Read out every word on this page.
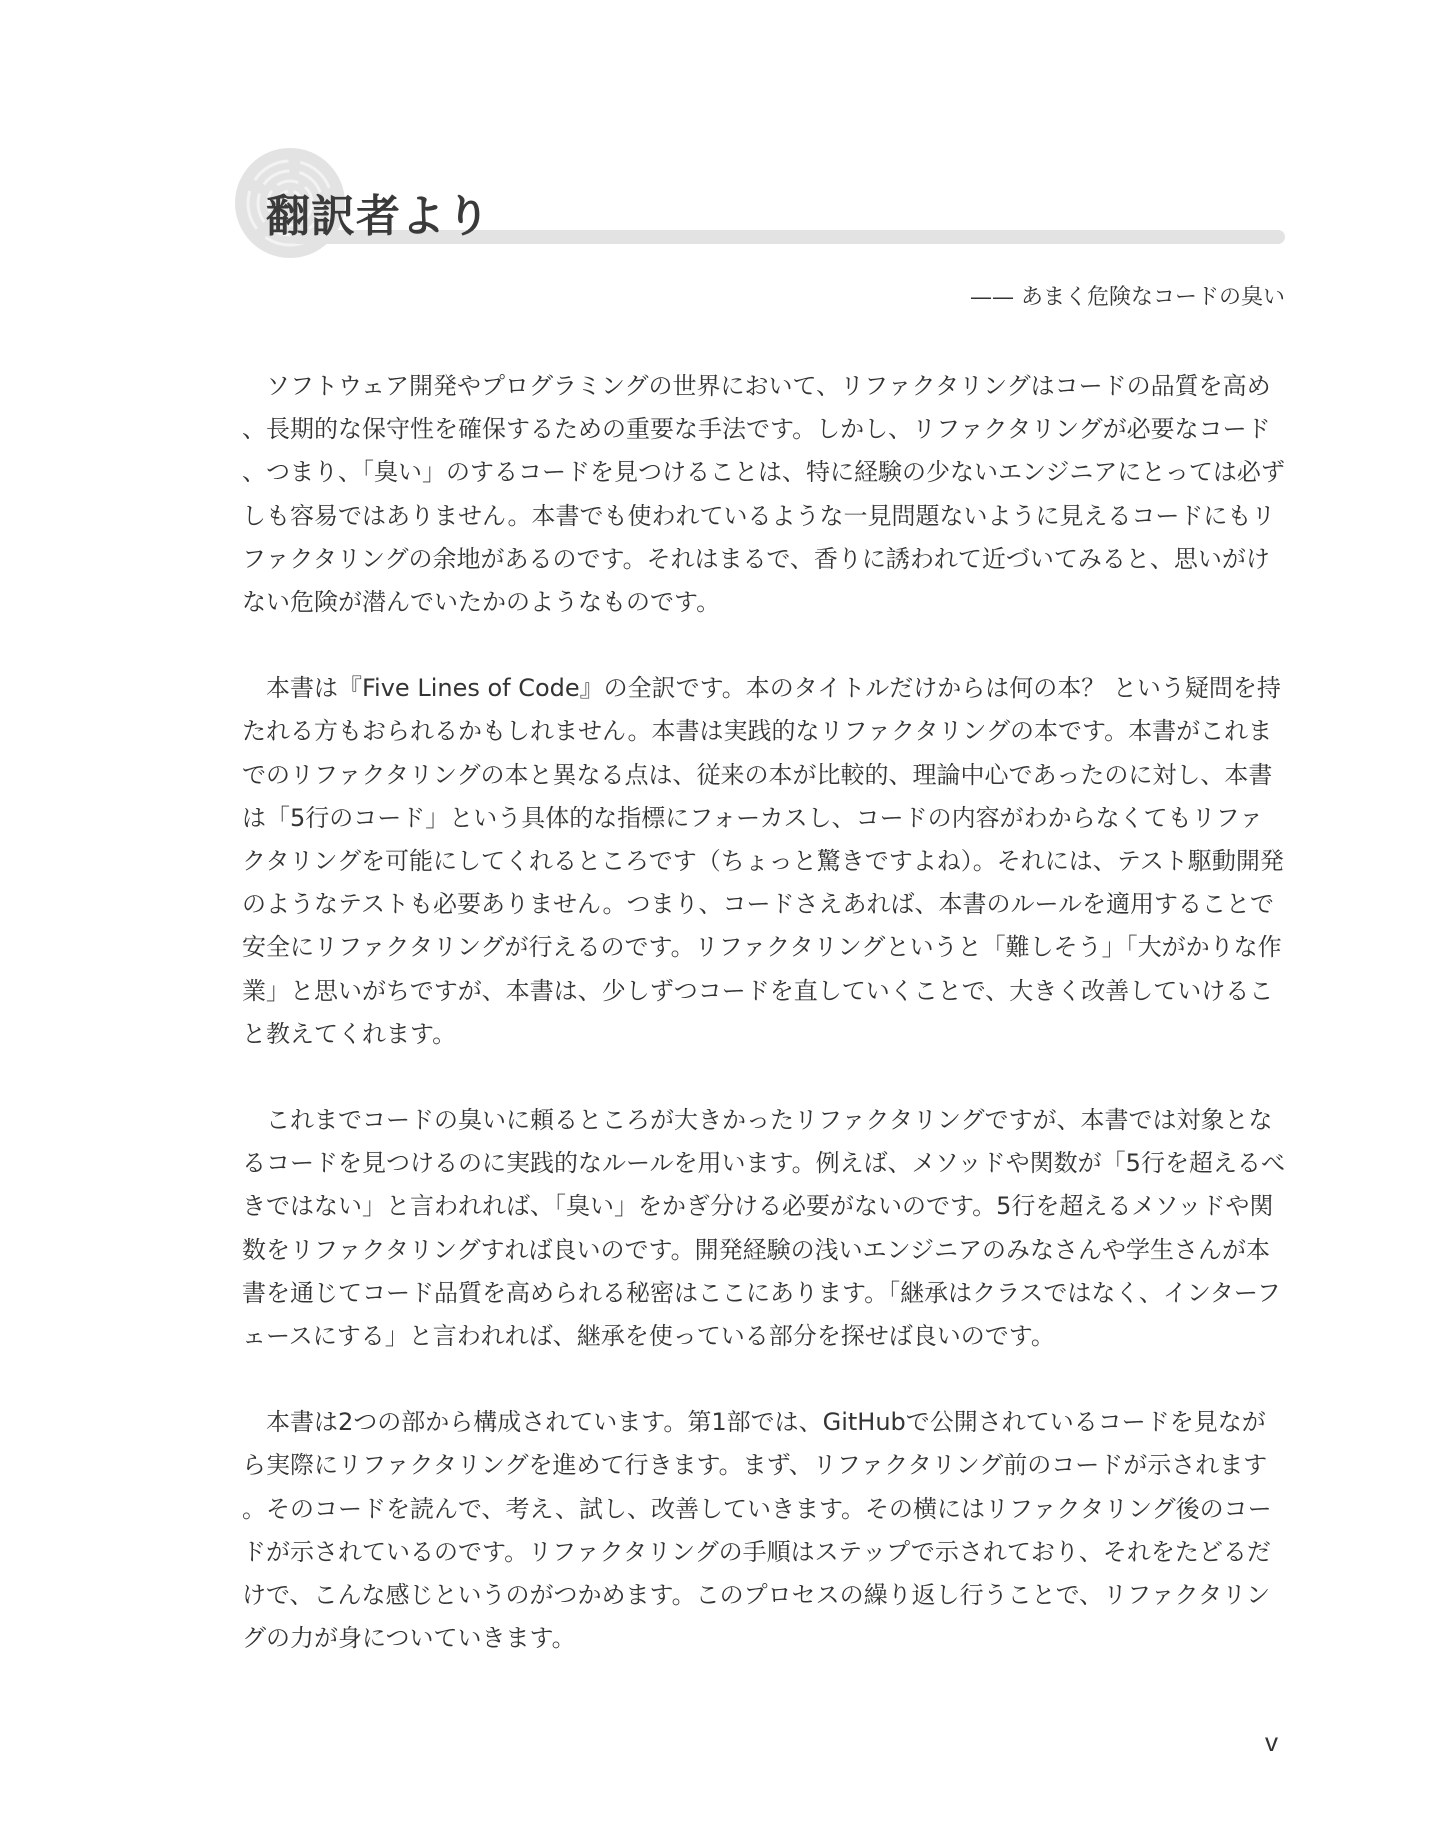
翻訳者より
—— あまく危険なコードの臭い

ソフトウェア開発やプログラミングの世界において、リファクタリングはコードの品質を高め、長期的な保守性を確保するための重要な手法です。しかし、リファクタリングが必要なコード、つまり、「臭い」のするコードを見つけることは、特に経験の少ないエンジニアにとっては必ずしも容易ではありません。本書でも使われているような一見問題ないように見えるコードにもリファクタリングの余地があるのです。それはまるで、香りに誘われて近づいてみると、思いがけない危険が潜んでいたかのようなものです。

本書は『Five Lines of Code』の全訳です。本のタイトルだけからは何の本？ という疑問を持たれる方もおられるかもしれません。本書は実践的なリファクタリングの本です。本書がこれまでのリファクタリングの本と異なる点は、従来の本が比較的、理論中心であったのに対し、本書は「5行のコード」という具体的な指標にフォーカスし、コードの内容がわからなくてもリファクタリングを可能にしてくれるところです（ちょっと驚きですよね）。それには、テスト駆動開発のようなテストも必要ありません。つまり、コードさえあれば、本書のルールを適用することで安全にリファクタリングが行えるのです。リファクタリングというと「難しそう」「大がかりな作業」と思いがちですが、本書は、少しずつコードを直していくことで、大きく改善していけること教えてくれます。

これまでコードの臭いに頼るところが大きかったリファクタリングですが、本書では対象となるコードを見つけるのに実践的なルールを用います。例えば、メソッドや関数が「5行を超えるべきではない」と言われれば、「臭い」をかぎ分ける必要がないのです。5行を超えるメソッドや関数をリファクタリングすれば良いのです。開発経験の浅いエンジニアのみなさんや学生さんが本書を通じてコード品質を高められる秘密はここにあります。「継承はクラスではなく、インターフェースにする」と言われれば、継承を使っている部分を探せば良いのです。

本書は2つの部から構成されています。第1部では、GitHubで公開されているコードを見ながら実際にリファクタリングを進めて行きます。まず、リファクタリング前のコードが示されます。そのコードを読んで、考え、試し、改善していきます。その横にはリファクタリング後のコードが示されているのです。リファクタリングの手順はステップで示されており、それをたどるだけで、こんな感じというのがつかめます。このプロセスの繰り返し行うことで、リファクタリングの力が身についていきます。

v
